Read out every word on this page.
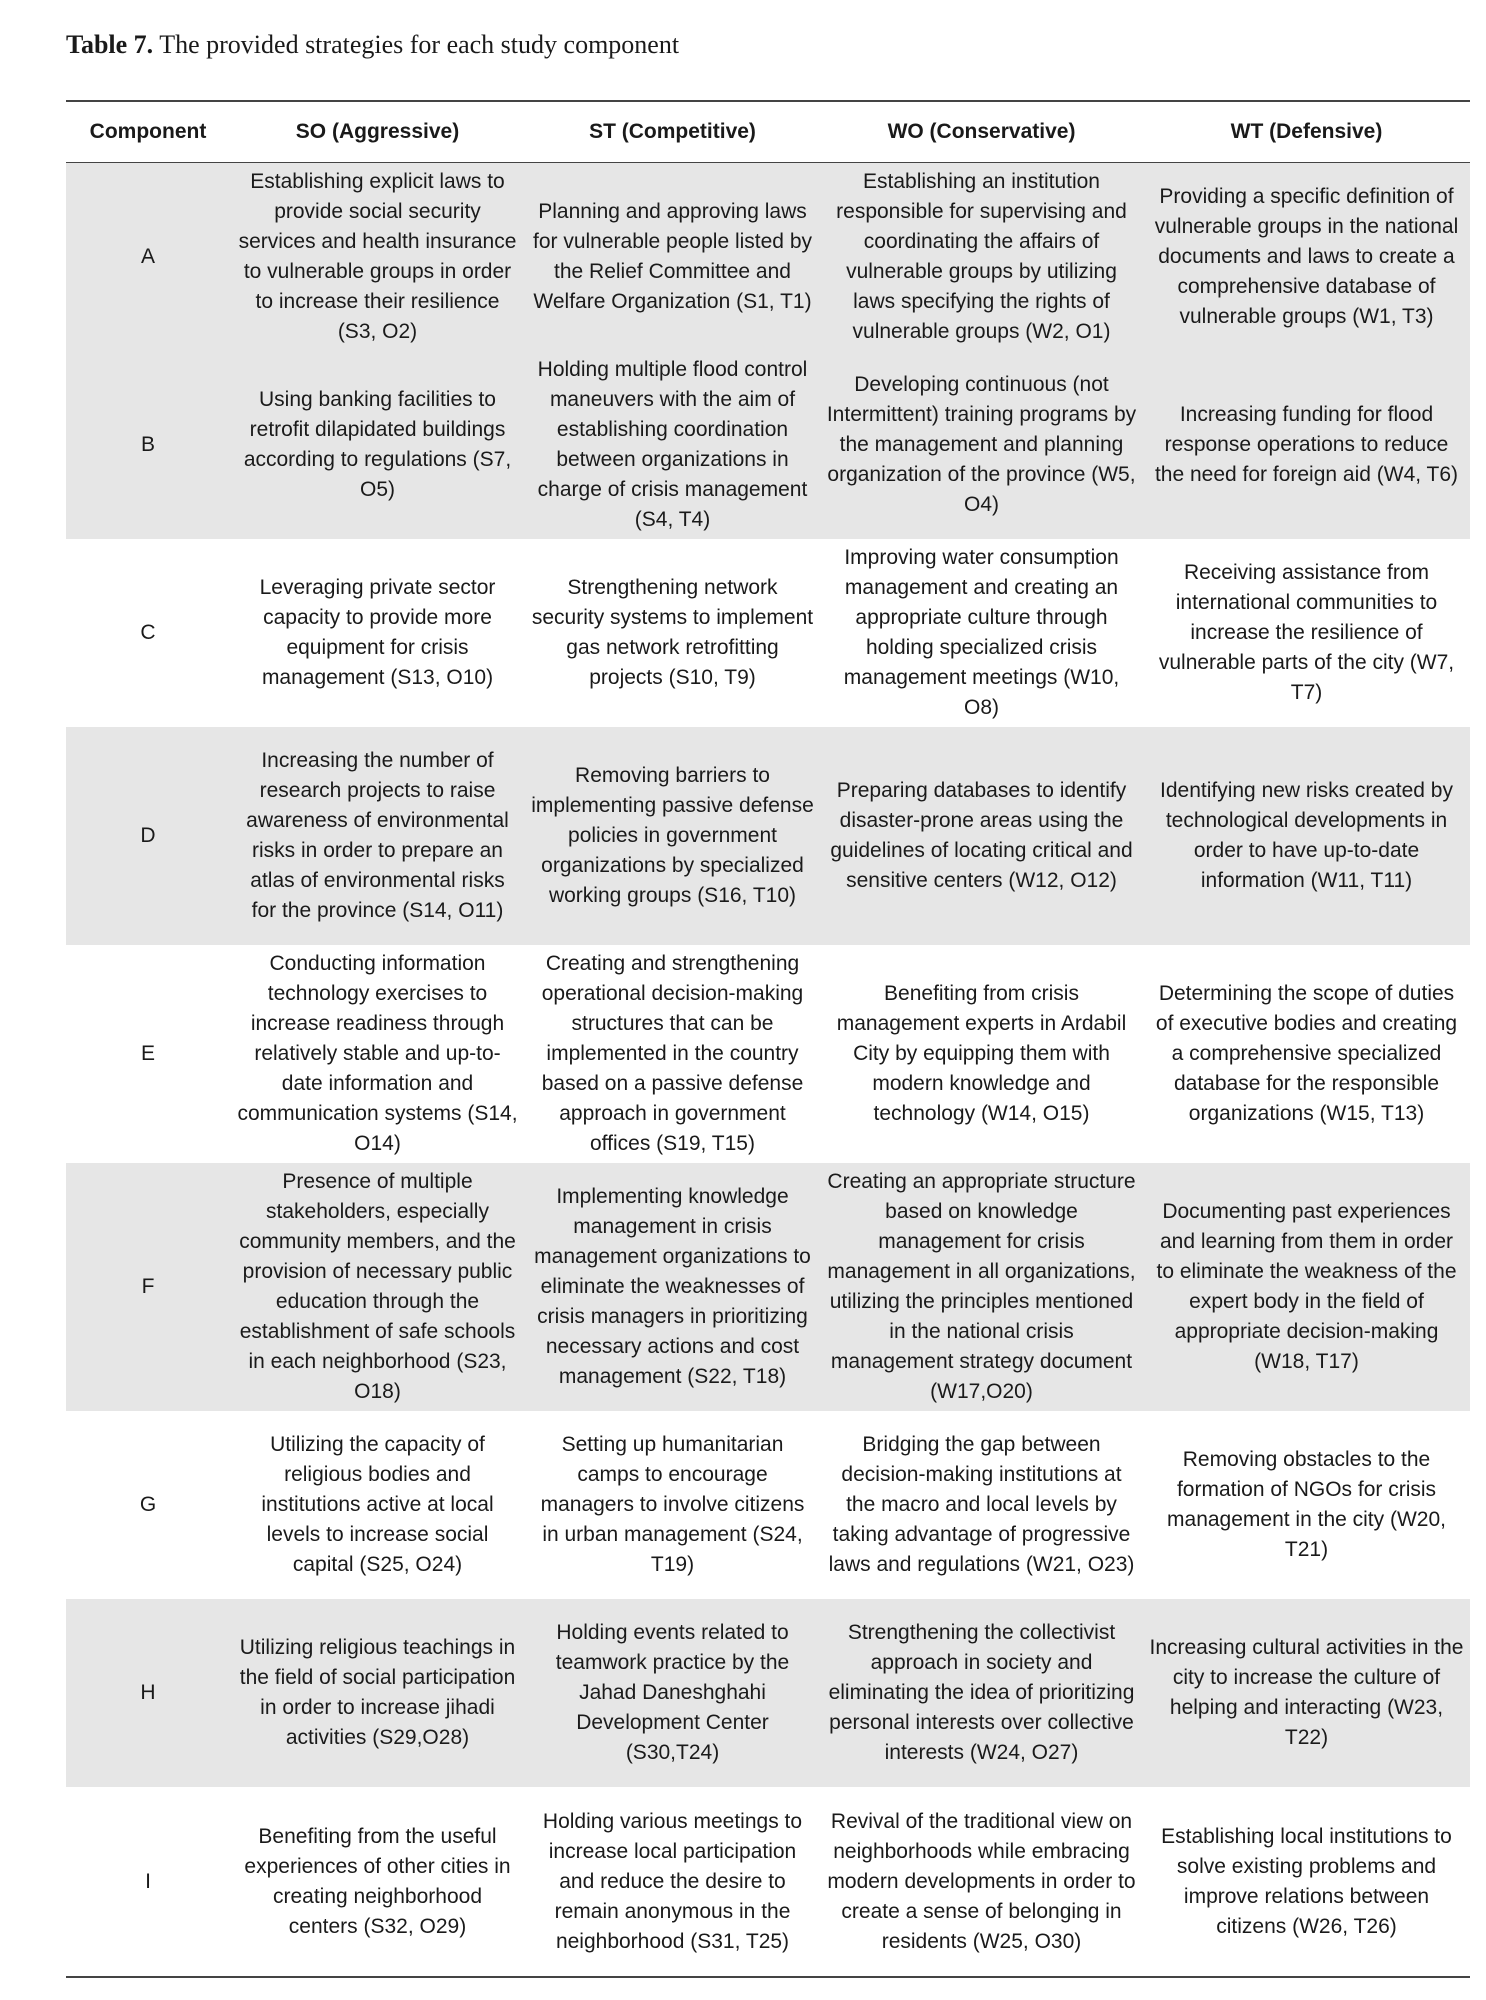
Table 7. The provided strategies for each study component
Component	SO (Aggressive)	ST (Competitive)	WO (Conservative)	WT (Defensive)
A	Establishing explicit laws to provide social security services and health insurance to vulnerable groups in order to increase their resilience (S3, O2)	Planning and approving laws for vulnerable people listed by the Relief Committee and Welfare Organization (S1, T1)	Establishing an institution responsible for supervising and coordinating the affairs of vulnerable groups by utilizing laws specifying the rights of vulnerable groups (W2, O1)	Providing a specific definition of vulnerable groups in the national documents and laws to create a comprehensive database of vulnerable groups (W1, T3)
B	Using banking facilities to retrofit dilapidated buildings according to regulations (S7, O5)	Holding multiple flood control maneuvers with the aim of establishing coordination between organizations in charge of crisis management (S4, T4)	Developing continuous (not Intermittent) training programs by the management and planning organization of the province (W5, O4)	Increasing funding for flood response operations to reduce the need for foreign aid (W4, T6)
C	Leveraging private sector capacity to provide more equipment for crisis management (S13, O10)	Strengthening network security systems to implement gas network retrofitting projects (S10, T9)	Improving water consumption management and creating an appropriate culture through holding specialized crisis management meetings (W10, O8)	Receiving assistance from international communities to increase the resilience of vulnerable parts of the city (W7, T7)
D	Increasing the number of research projects to raise awareness of environmental risks in order to prepare an atlas of environmental risks for the province (S14, O11)	Removing barriers to implementing passive defense policies in government organizations by specialized working groups (S16, T10)	Preparing databases to identify disaster-prone areas using the guidelines of locating critical and sensitive centers (W12, O12)	Identifying new risks created by technological developments in order to have up-to-date information (W11, T11)
E	Conducting information technology exercises to increase readiness through relatively stable and up-to-date information and communication systems (S14, O14)	Creating and strengthening operational decision-making structures that can be implemented in the country based on a passive defense approach in government offices (S19, T15)	Benefiting from crisis management experts in Ardabil City by equipping them with modern knowledge and technology (W14, O15)	Determining the scope of duties of executive bodies and creating a comprehensive specialized database for the responsible organizations (W15, T13)
F	Presence of multiple stakeholders, especially community members, and the provision of necessary public education through the establishment of safe schools in each neighborhood (S23, O18)	Implementing knowledge management in crisis management organizations to eliminate the weaknesses of crisis managers in prioritizing necessary actions and cost management (S22, T18)	Creating an appropriate structure based on knowledge management for crisis management in all organizations, utilizing the principles mentioned in the national crisis management strategy document (W17,O20)	Documenting past experiences and learning from them in order to eliminate the weakness of the expert body in the field of appropriate decision-making (W18, T17)
G	Utilizing the capacity of religious bodies and institutions active at local levels to increase social capital (S25, O24)	Setting up humanitarian camps to encourage managers to involve citizens in urban management (S24, T19)	Bridging the gap between decision-making institutions at the macro and local levels by taking advantage of progressive laws and regulations (W21, O23)	Removing obstacles to the formation of NGOs for crisis management in the city (W20, T21)
H	Utilizing religious teachings in the field of social participation in order to increase jihadi activities (S29,O28)	Holding events related to teamwork practice by the Jahad Daneshghahi Development Center (S30,T24)	Strengthening the collectivist approach in society and eliminating the idea of prioritizing personal interests over collective interests (W24, O27)	Increasing cultural activities in the city to increase the culture of helping and interacting (W23, T22)
I	Benefiting from the useful experiences of other cities in creating neighborhood centers (S32, O29)	Holding various meetings to increase local participation and reduce the desire to remain anonymous in the neighborhood (S31, T25)	Revival of the traditional view on neighborhoods while embracing modern developments in order to create a sense of belonging in residents (W25, O30)	Establishing local institutions to solve existing problems and improve relations between citizens (W26, T26)
